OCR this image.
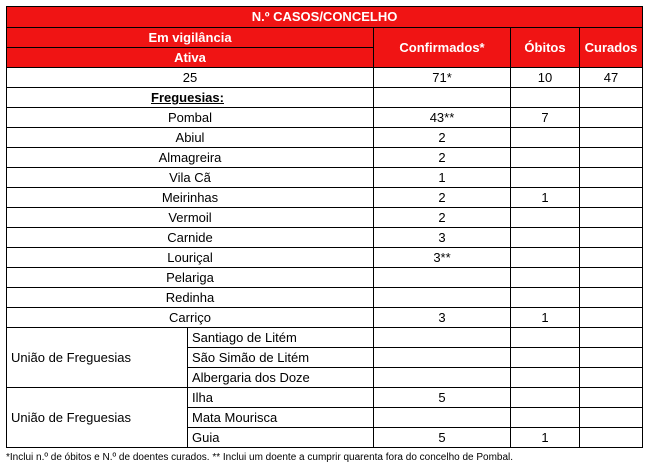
N.º CASOS/CONCELHO				
Em vigilância		Confirmados*	Óbitos	Curados
Ativa				
25		71*	10	47
Freguesias:				
Pombal		43**	7	
Abiul		2		
Almagreira		2		
Vila Cã		1		
Meirinhas		2	1	
Vermoil		2		
Carnide		3		
Louriçal		3**		
Pelariga				
Redinha				
Carriço		3	1	
União de Freguesias	Santiago de Litém			
	São Simão de Litém			
	Albergaria dos Doze			
União de Freguesias	Ilha	5		
	Mata Mourisca			
	Guia	5	1	
*Inclui n.º de óbitos e N.º de doentes curados. ** Inclui um doente a cumprir quarenta fora do concelho de Pombal.
